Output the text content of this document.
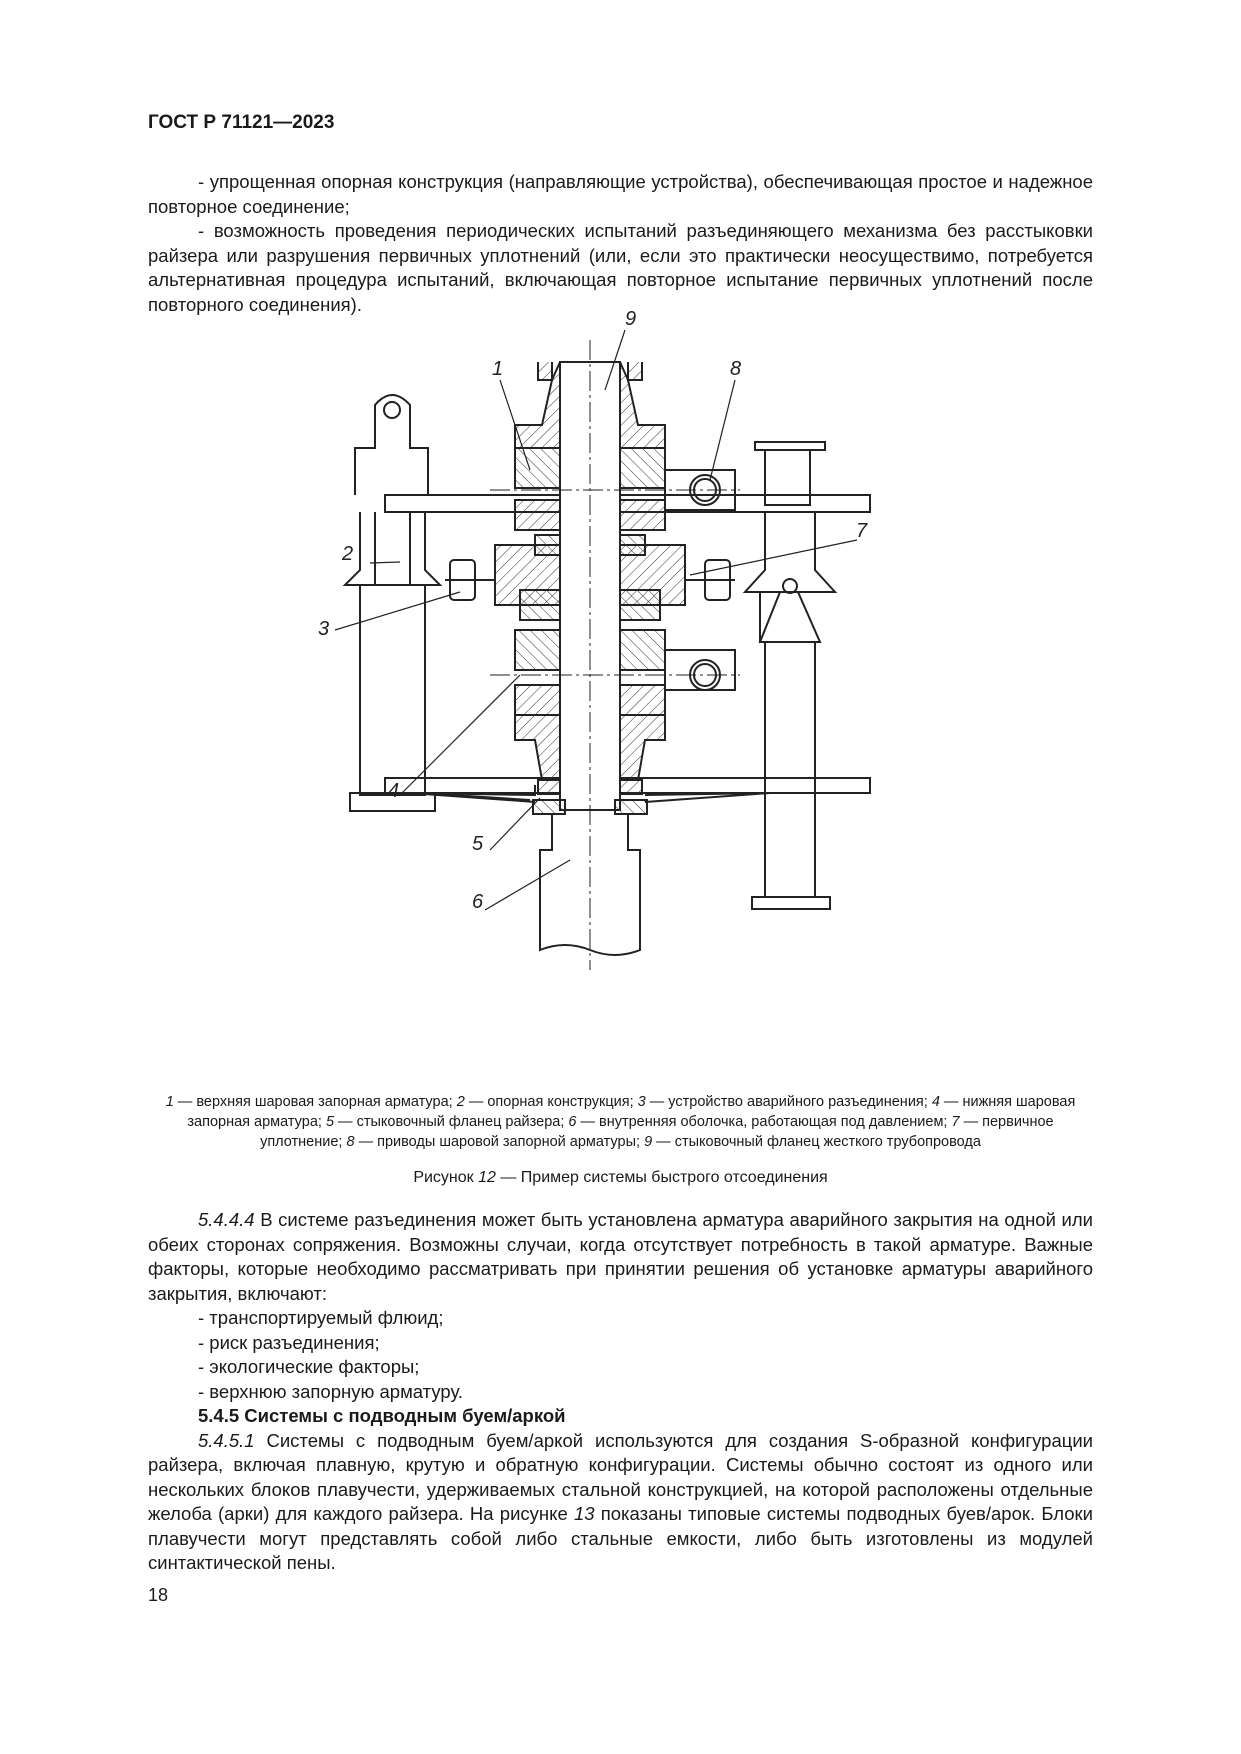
ГОСТ Р 71121—2023
- упрощенная опорная конструкция (направляющие устройства), обеспечивающая простое и надежное повторное соединение;
- возможность проведения периодических испытаний разъединяющего механизма без расстыковки райзера или разрушения первичных уплотнений (или, если это практически неосуществимо, потребуется альтернативная процедура испытаний, включающая повторное испытание первичных уплотнений после повторного соединения).
1
2
3
4
5
6
7
8
9
1 — верхняя шаровая запорная арматура; 2 — опорная конструкция; 3 — устройство аварийного разъединения; 4 — нижняя шаровая запорная арматура; 5 — стыковочный фланец райзера; 6 — внутренняя оболочка, работающая под давлением; 7 — первичное уплотнение; 8 — приводы шаровой запорной арматуры; 9 — стыковочный фланец жесткого трубопровода
Рисунок 12 — Пример системы быстрого отсоединения
5.4.4.4 В системе разъединения может быть установлена арматура аварийного закрытия на одной или обеих сторонах сопряжения. Возможны случаи, когда отсутствует потребность в такой арматуре. Важные факторы, которые необходимо рассматривать при принятии решения об установке арматуры аварийного закрытия, включают:
- транспортируемый флюид;
- риск разъединения;
- экологические факторы;
- верхнюю запорную арматуру.
5.4.5 Системы с подводным буем/аркой
5.4.5.1 Системы с подводным буем/аркой используются для создания S-образной конфигурации райзера, включая плавную, крутую и обратную конфигурации. Системы обычно состоят из одного или нескольких блоков плавучести, удерживаемых стальной конструкцией, на которой расположены отдельные желоба (арки) для каждого райзера. На рисунке 13 показаны типовые системы подводных буев/арок. Блоки плавучести могут представлять собой либо стальные емкости, либо быть изготовлены из модулей синтактической пены.
18
